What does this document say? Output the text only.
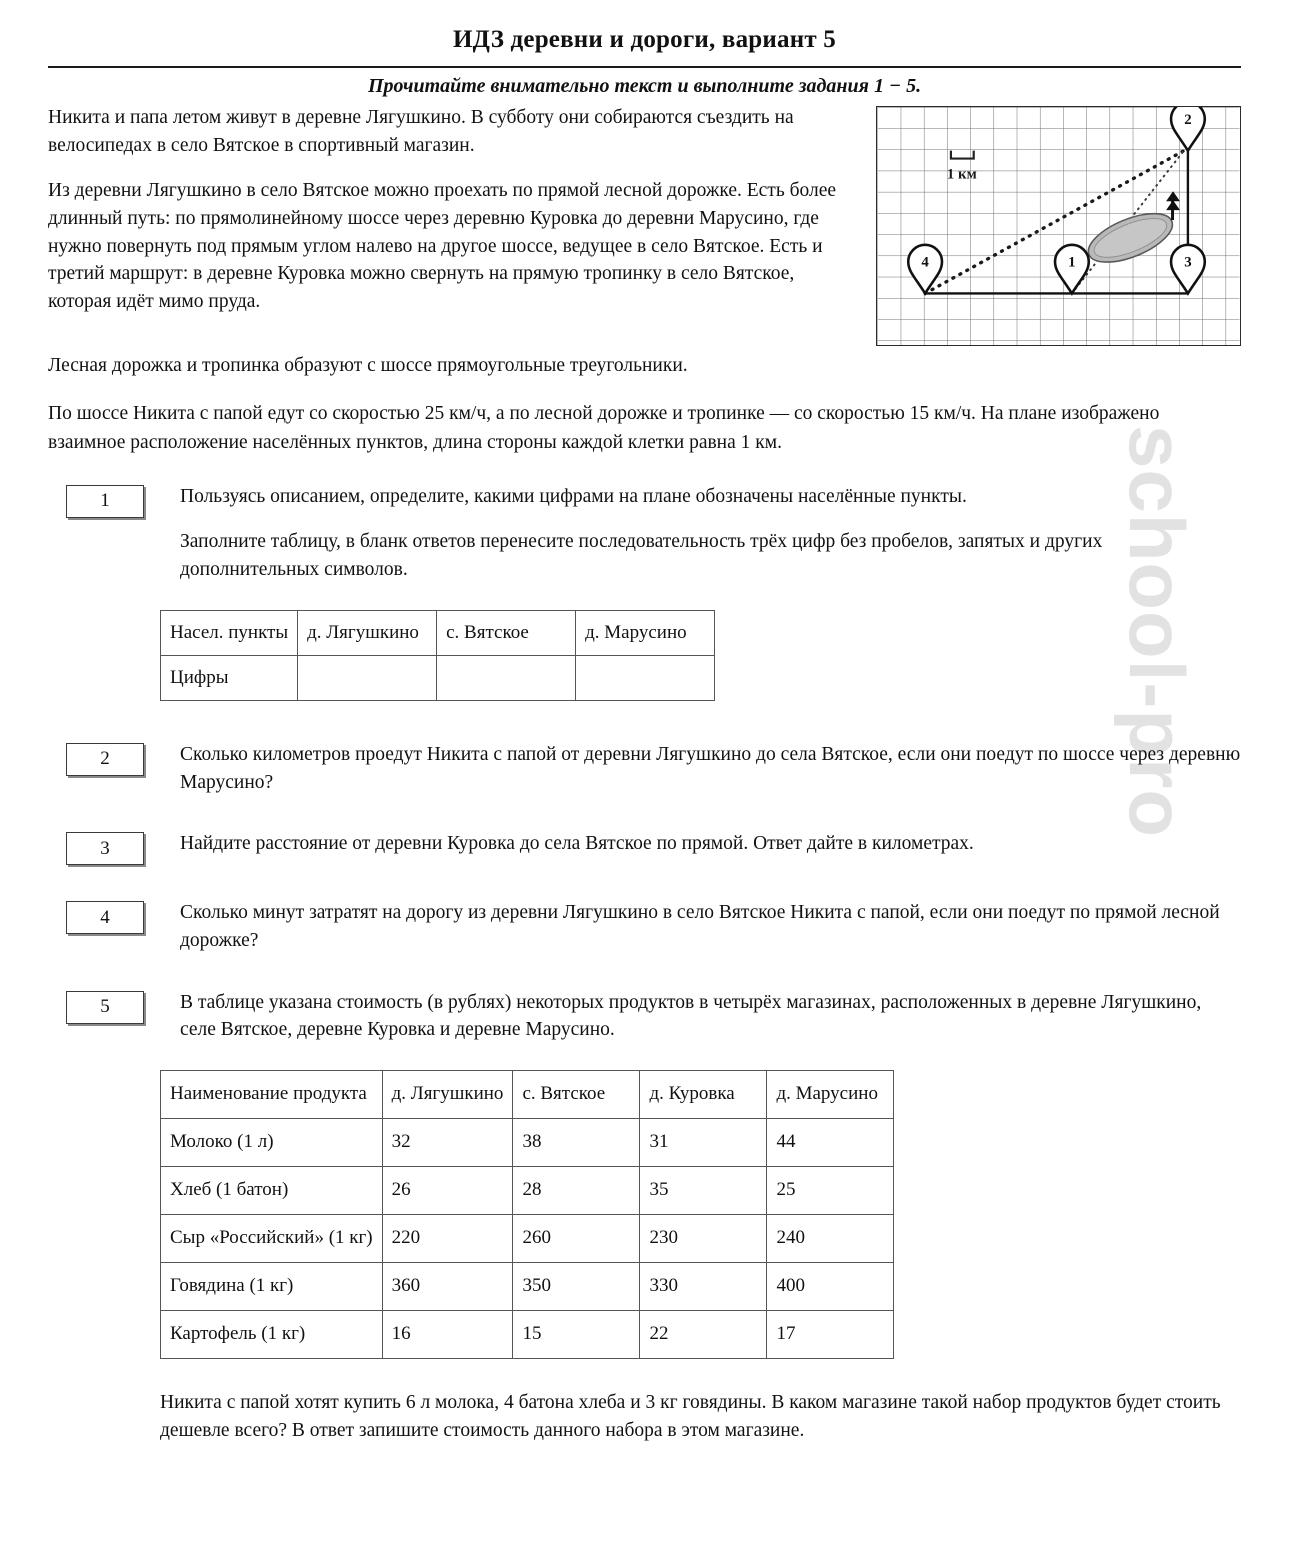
school-pro
ИДЗ деревни и дороги, вариант 5
Прочитайте внимательно текст и выполните задания 1 − 5.
1 км
4	1	3
2

Никита и папа летом живут в деревне Лягушкино. В субботу они собираются съездить на велосипедах в село Вятское в спортивный магазин.

Из деревни Лягушкино в село Вятское можно проехать по прямой лесной дорожке. Есть более длинный путь: по прямолинейному шоссе через деревню Куровка до деревни Марусино, где нужно повернуть под прямым углом налево на другое шоссе, ведущее в село Вятское. Есть и третий маршрут: в деревне Куровка можно свернуть на прямую тропинку в село Вятское, которая идёт мимо пруда.

Лесная дорожка и тропинка образуют с шоссе прямоугольные треугольники.

По шоссе Никита с папой едут со скоростью 25 км/ч, а по лесной дорожке и тропинке — со скоростью 15 км/ч. На плане изображено взаимное расположение населённых пунктов, длина стороны каждой клетки равна 1 км.

1	Пользуясь описанием, определите, какими цифрами на плане обозначены населённые пункты.

Заполните таблицу, в бланк ответов перенесите последовательность трёх цифр без пробелов, запятых и других дополнительных символов.

Насел. пункты	д. Лягушкино	с. Вятское	д. Марусино
Цифры			
2	Сколько километров проедут Никита с папой от деревни Лягушкино до села Вятское, если они поедут по шоссе через деревню Марусино?

3	Найдите расстояние от деревни Куровка до села Вятское по прямой. Ответ дайте в километрах.

4	Сколько минут затратят на дорогу из деревни Лягушкино в село Вятское Никита с папой, если они поедут по прямой лесной дорожке?

5	В таблице указана стоимость (в рублях) некоторых продуктов в четырёх магазинах, расположенных в деревне Лягушкино, селе Вятское, деревне Куровка и деревне Марусино.

Наименование продукта	д. Лягушкино	с. Вятское	д. Куровка	д. Марусино
Молоко (1 л)	32	38	31	44
Хлеб (1 батон)	26	28	35	25
Сыр «Российский» (1 кг)	220	260	230	240
Говядина (1 кг)	360	350	330	400
Картофель (1 кг)	16	15	22	17

Никита с папой хотят купить 6 л молока, 4 батона хлеба и 3 кг говядины. В каком магазине такой набор продуктов будет стоить дешевле всего? В ответ запишите стоимость данного набора в этом магазине.
